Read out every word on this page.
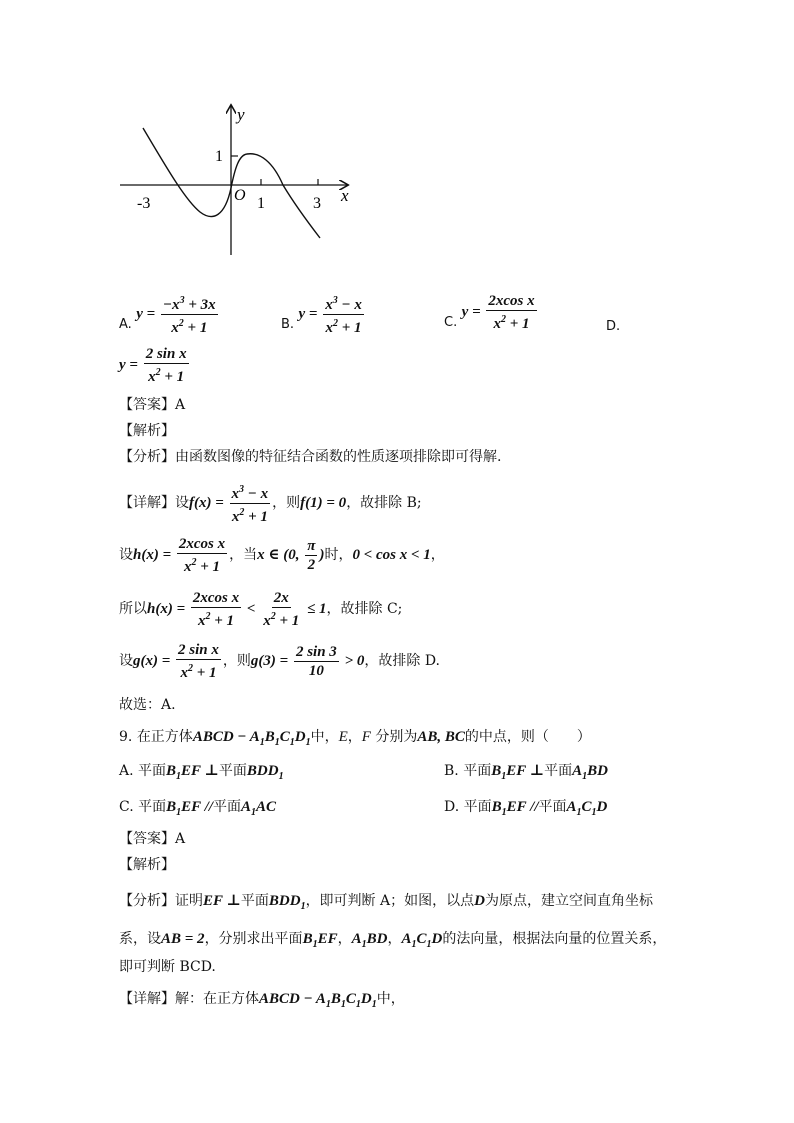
y
x
O
-3	1	3
1
A. $y = \frac{-x^3 + 3x}{x^2 + 1}$	B. $y = \frac{x^3 - x}{x^2 + 1}$	C. $y = \frac{\text{2xcos x}}{x^2 + 1}$	D.
$y = \frac{\text{2 sin x}}{x^2 + 1}$
【答案】A
【解析】
【分析】由函数图像的特征结合函数的性质逐项排除即可得解.
【详解】设$f(x) = \frac{x^3 - x}{x^2 + 1}$ ，则f(1) = 0，故排除 B;
设$h(x) = \frac{\text{2xcos x}}{x^2 + 1}$ ，当x ∈ (0, $\frac{\pi}{2}$ )时，0 < cos x < 1，
所以$h(x) = \frac{\text{2xcos x}}{x^2 + 1} < \frac{2x}{x^2 + 1} \le 1$，故排除 C;
设$g(x) = \frac{\text{2 sin x}}{x^2 + 1}$ ，则$g(3) = \frac{2 \sin 3}{10} > 0$，故排除 D.
故选：A.
9. 在正方体ABCD − $A_1B_1C_1D_1$中，E，F 分别为AB, BC的中点，则（　　）
A. 平面$B_1EF$ ⊥平面$BDD_1$	B. 平面$B_1EF$ ⊥平面$A_1BD$
C. 平面$B_1EF$ //平面$A_1AC$	D. 平面$B_1EF$ //平面$A_1C_1D$
【答案】A
【解析】
【分析】证明EF ⊥平面$BDD_1$，即可判断 A；如图，以点D为原点，建立空间直角坐标
系，设AB = 2，分别求出平面$B_1EF$，$A_1BD$，$A_1C_1D$的法向量，根据法向量的位置关系，
即可判断 BCD.
【详解】解：在正方体ABCD − $A_1B_1C_1D_1$中，
